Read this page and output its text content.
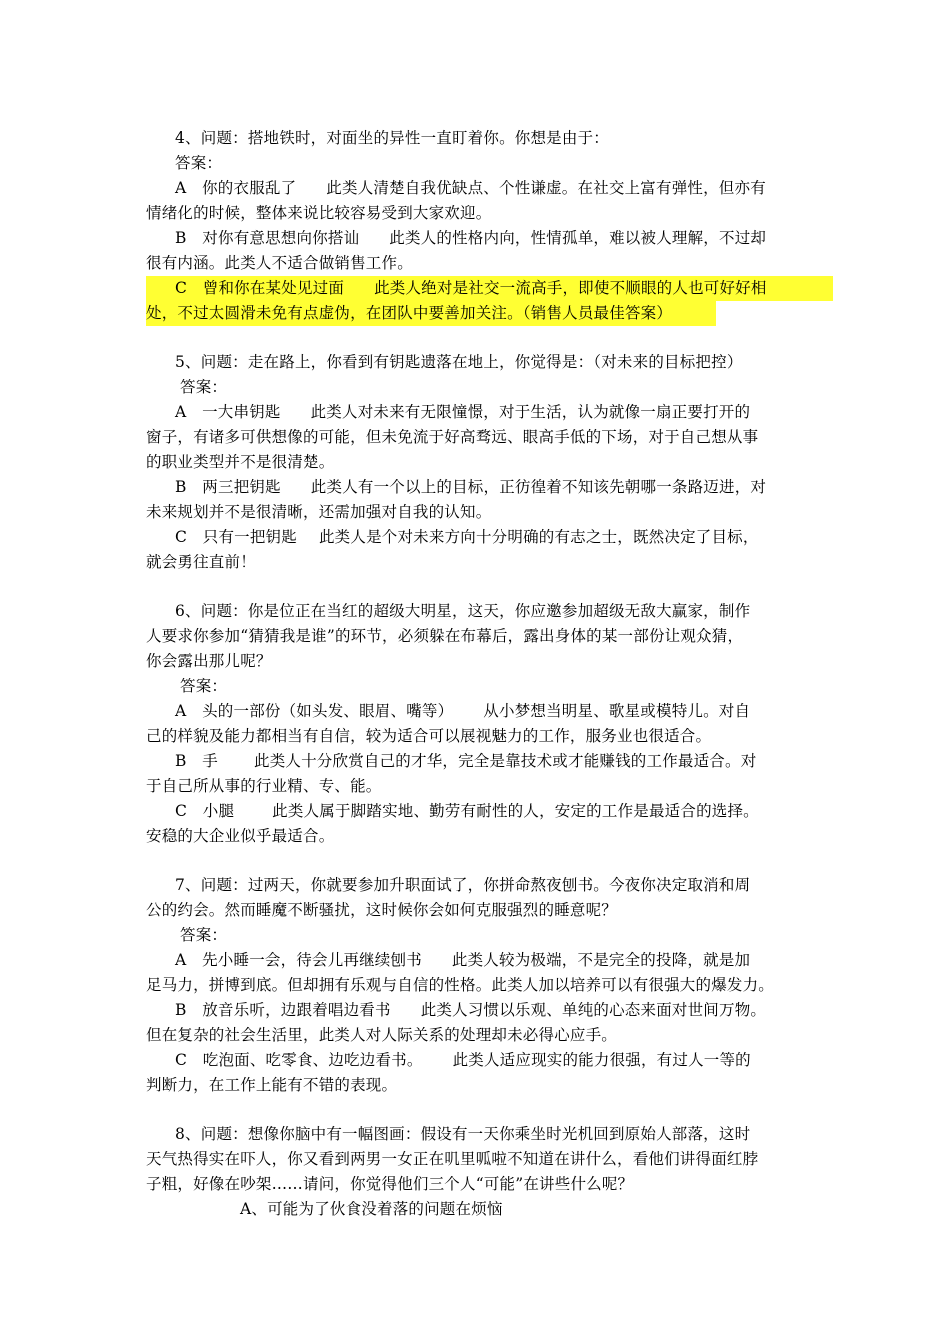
4、问题：搭地铁时，对面坐的异性一直盯着你。你想是由于：
答案：
A　你的衣服乱了 此类人清楚自我优缺点、个性谦虚。在社交上富有弹性，但亦有
情绪化的时候，整体来说比较容易受到大家欢迎。
B　对你有意思想向你搭讪 此类人的性格内向，性情孤单，难以被人理解，不过却
很有内涵。此类人不适合做销售工作。
C　曾和你在某处见过面 此类人绝对是社交一流高手，即使不顺眼的人也可好好相
处，不过太圆滑未免有点虚伪，在团队中要善加关注。（销售人员最佳答案）
5、问题：走在路上，你看到有钥匙遗落在地上，你觉得是：（对未来的目标把控）
答案：
A　一大串钥匙 此类人对未来有无限憧憬，对于生活，认为就像一扇正要打开的
窗子，有诸多可供想像的可能，但未免流于好高骛远、眼高手低的下场，对于自己想从事
的职业类型并不是很清楚。
B　两三把钥匙 此类人有一个以上的目标，正彷徨着不知该先朝哪一条路迈进，对
未来规划并不是很清晰，还需加强对自我的认知。
C　只有一把钥匙 此类人是个对未来方向十分明确的有志之士，既然决定了目标，
就会勇往直前！
6、问题：你是位正在当红的超级大明星，这天，你应邀参加超级无敌大赢家，制作
人要求你参加“猜猜我是谁”的环节，必须躲在布幕后，露出身体的某一部份让观众猜，
你会露出那儿呢？
答案：
A　头的一部份（如头发、眼眉、嘴等） 从小梦想当明星、歌星或模特儿。对自
己的样貌及能力都相当有自信，较为适合可以展视魅力的工作，服务业也很适合。
B　手 此类人十分欣赏自己的才华，完全是靠技术或才能赚钱的工作最适合。对
于自己所从事的行业精、专、能。
C　小腿 此类人属于脚踏实地、勤劳有耐性的人，安定的工作是最适合的选择。
安稳的大企业似乎最适合。
7、问题：过两天，你就要参加升职面试了，你拼命熬夜刨书。今夜你决定取消和周
公的约会。然而睡魔不断骚扰，这时候你会如何克服强烈的睡意呢？
答案：
A　先小睡一会，待会儿再继续刨书 此类人较为极端，不是完全的投降，就是加
足马力，拼博到底。但却拥有乐观与自信的性格。此类人加以培养可以有很强大的爆发力。
B　放音乐听，边跟着唱边看书 此类人习惯以乐观、单纯的心态来面对世间万物。
但在复杂的社会生活里，此类人对人际关系的处理却未必得心应手。
C　吃泡面、吃零食、边吃边看书。 此类人适应现实的能力很强，有过人一等的
判断力，在工作上能有不错的表现。
8、问题：想像你脑中有一幅图画：假设有一天你乘坐时光机回到原始人部落，这时
天气热得实在吓人，你又看到两男一女正在叽里呱啦不知道在讲什么，看他们讲得面红脖
子粗，好像在吵架……请问，你觉得他们三个人“可能”在讲些什么呢？
A、可能为了伙食没着落的问题在烦恼
